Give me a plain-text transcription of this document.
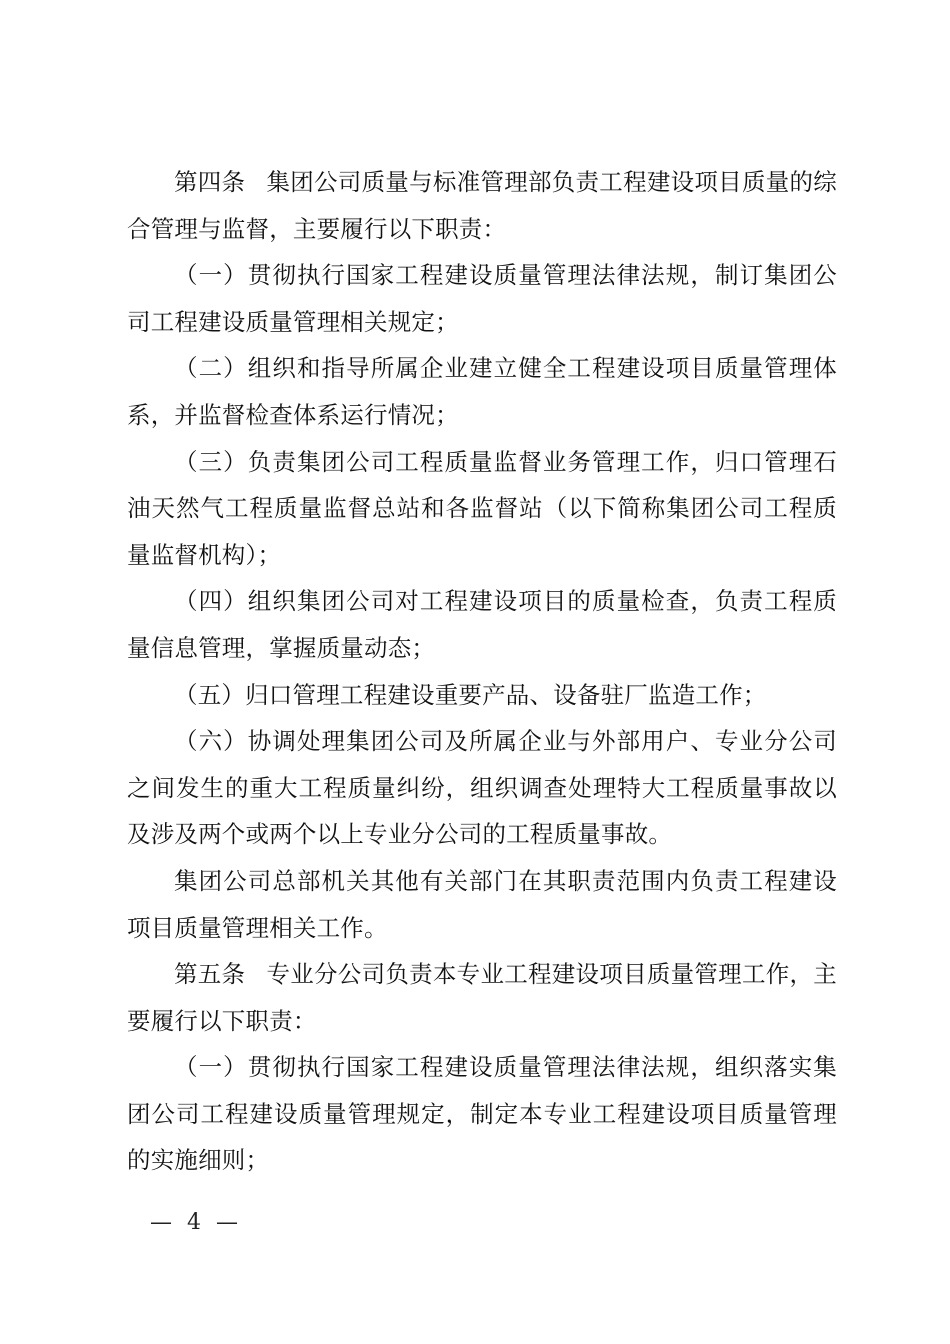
第四条 集团公司质量与标准管理部负责工程建设项目质量的综合管理与监督，主要履行以下职责：

（一）贯彻执行国家工程建设质量管理法律法规，制订集团公司工程建设质量管理相关规定；

（二）组织和指导所属企业建立健全工程建设项目质量管理体系，并监督检查体系运行情况；

（三）负责集团公司工程质量监督业务管理工作，归口管理石油天然气工程质量监督总站和各监督站（以下简称集团公司工程质量监督机构）；

（四）组织集团公司对工程建设项目的质量检查，负责工程质量信息管理，掌握质量动态；

（五）归口管理工程建设重要产品、设备驻厂监造工作；

（六）协调处理集团公司及所属企业与外部用户、专业分公司之间发生的重大工程质量纠纷，组织调查处理特大工程质量事故以及涉及两个或两个以上专业分公司的工程质量事故。

集团公司总部机关其他有关部门在其职责范围内负责工程建设项目质量管理相关工作。

第五条 专业分公司负责本专业工程建设项目质量管理工作，主要履行以下职责：

（一）贯彻执行国家工程建设质量管理法律法规，组织落实集团公司工程建设质量管理规定，制定本专业工程建设项目质量管理的实施细则；

— 4 —
